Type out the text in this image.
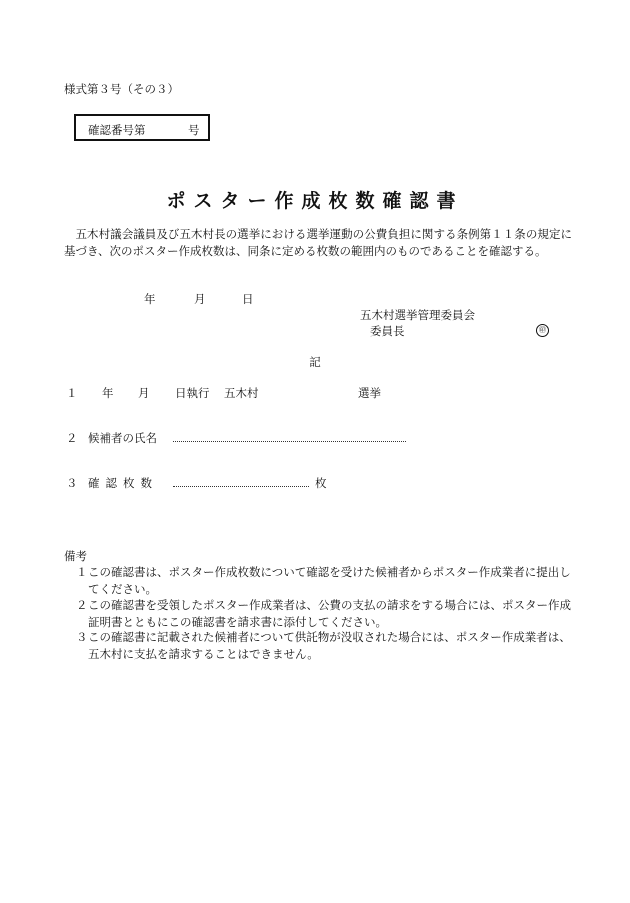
様式第３号（その３）
確認番号第	号
ポスター作成枚数確認書
五木村議会議員及び五木村長の選挙における選挙運動の公費負担に関する条例第１１条の規定に基づき、次のポスター作成枚数は、同条に定める枚数の範囲内のものであることを確認する。
年	月	日
五木村選挙管理委員会
委員長	㊞
記
１ 年 月 日執行 五木村	選挙
２ 候補者の氏名
３ 確認枚数	枚
備考
１ この確認書は、ポスター作成枚数について確認を受けた候補者からポスター作成業者に提出してください。
２ この確認書を受領したポスター作成業者は、公費の支払の請求をする場合には、ポスター作成証明書とともにこの確認書を請求書に添付してください。
３ この確認書に記載された候補者について供託物が没収された場合には、ポスター作成業者は、五木村に支払を請求することはできません。
